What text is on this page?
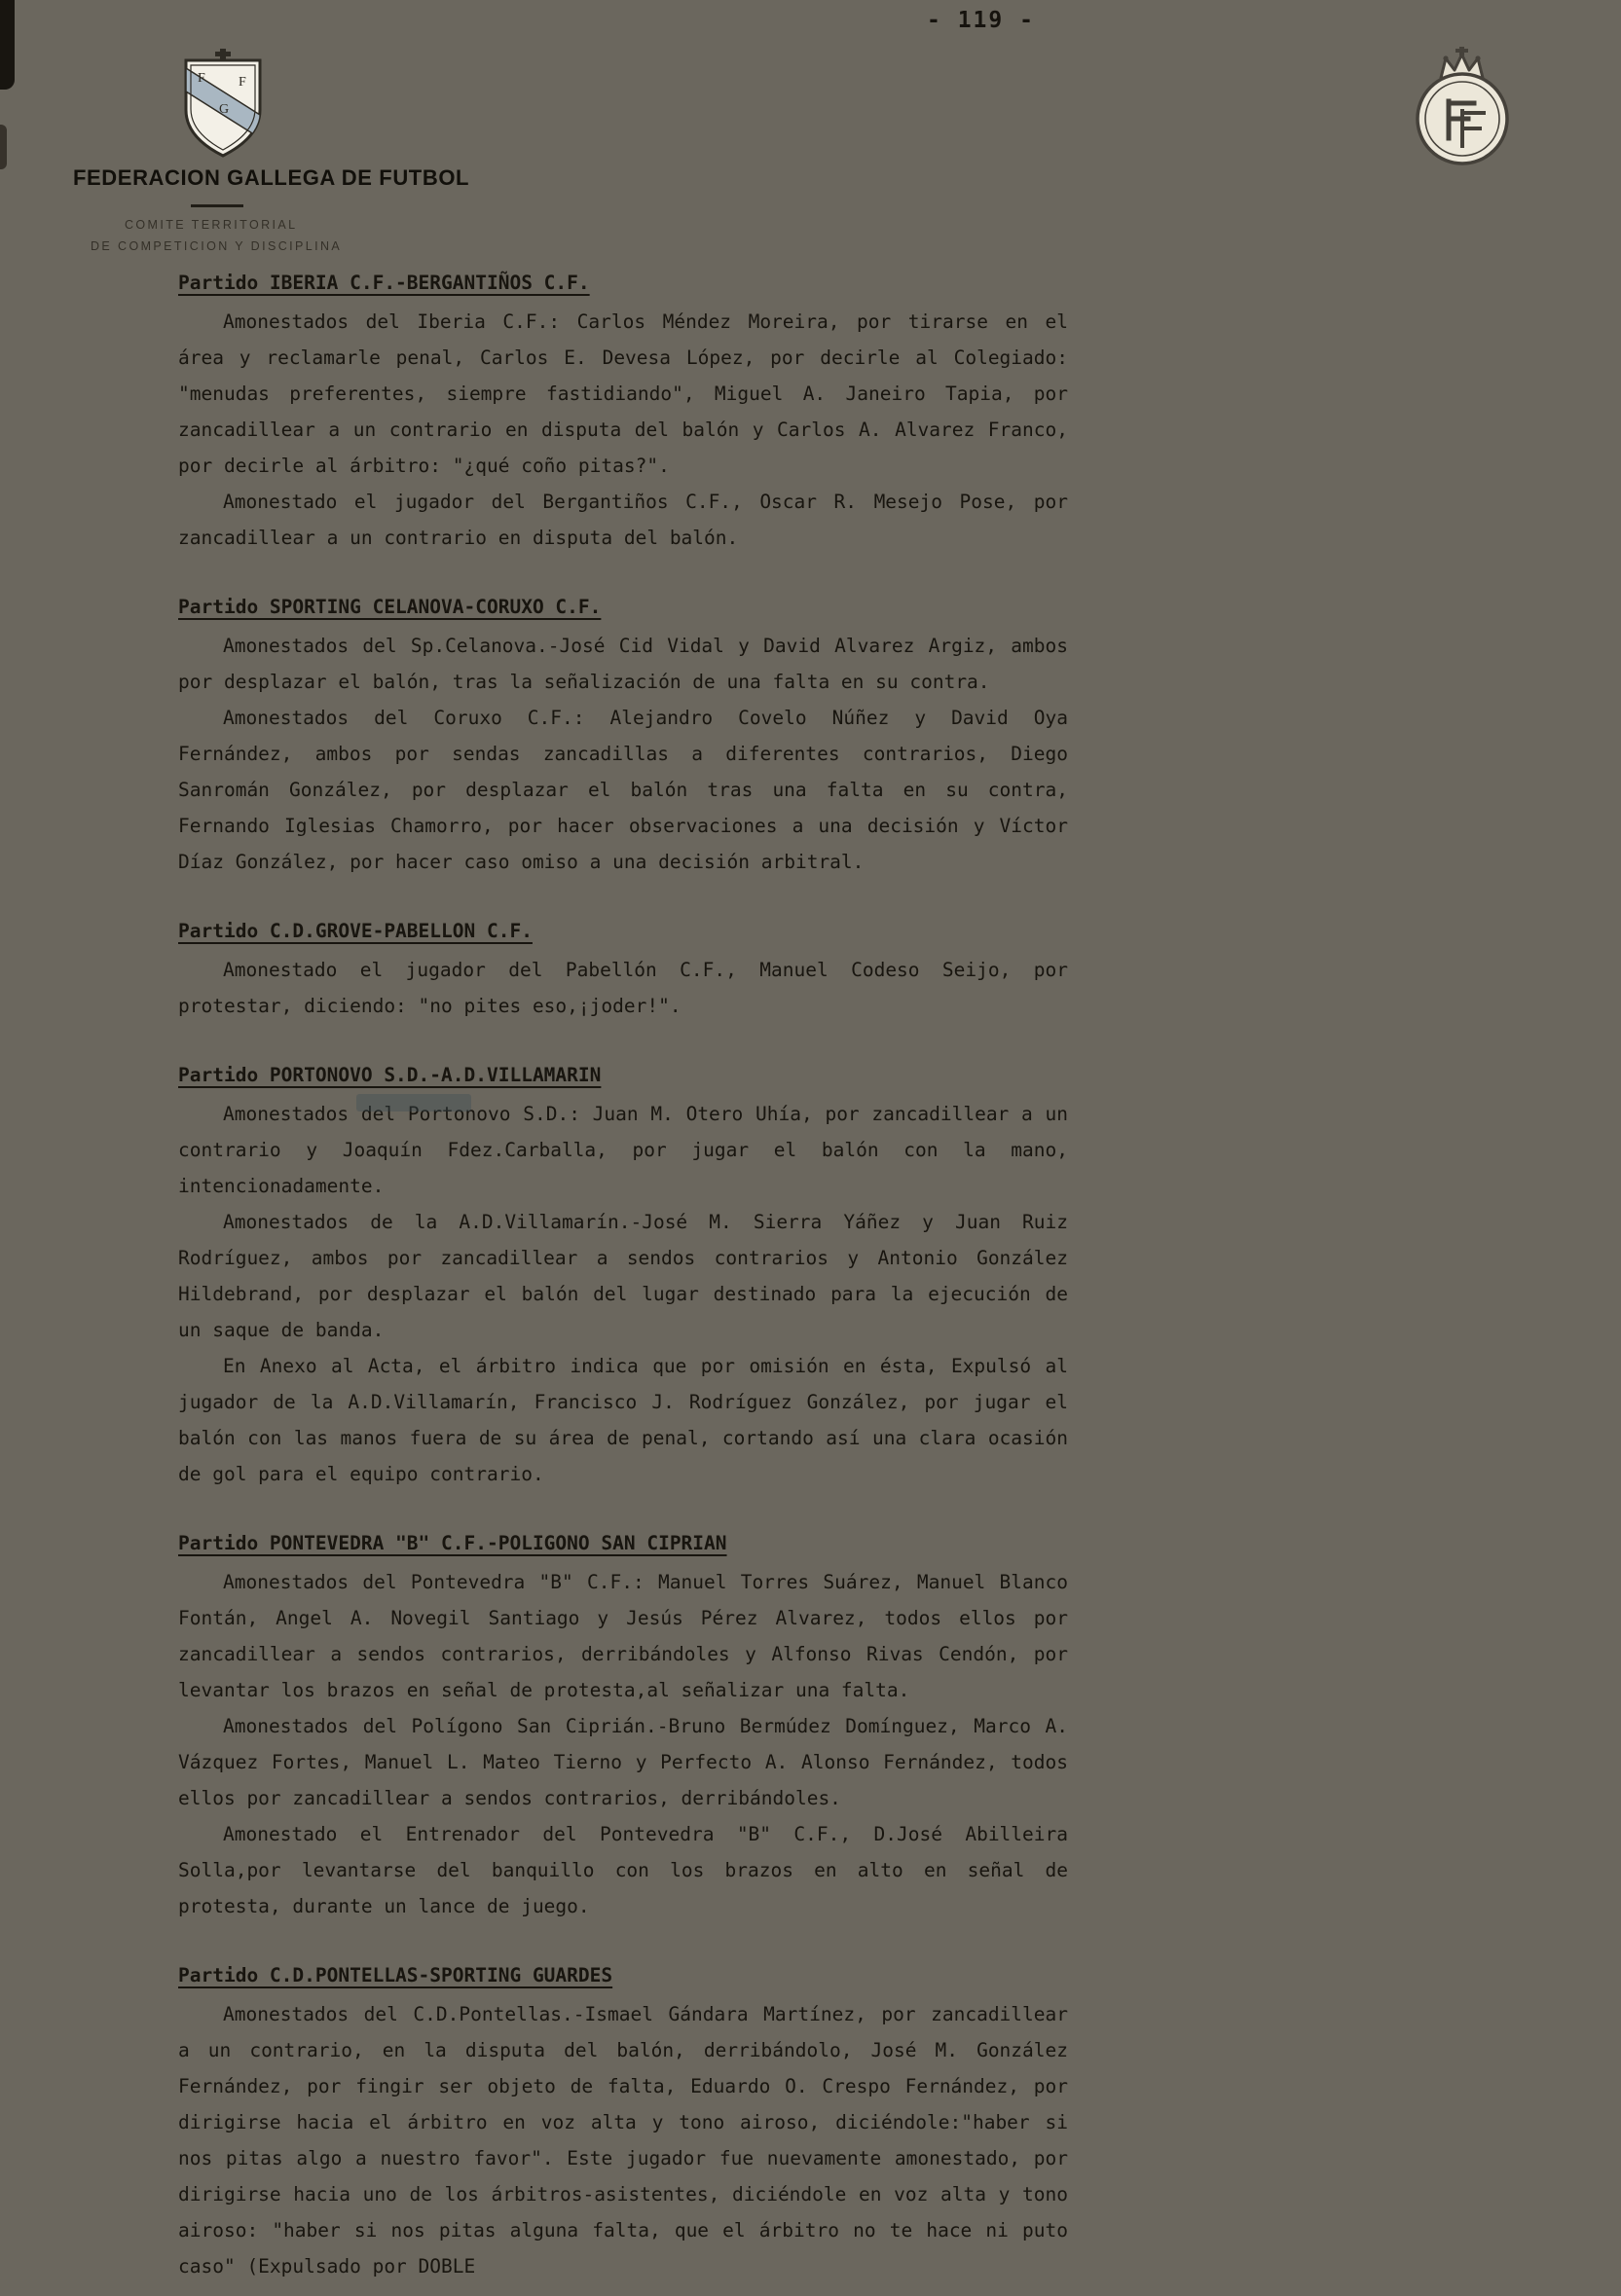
- 119 -
F
G
F
FEDERACION GALLEGA DE FUTBOL
COMITE TERRITORIAL
DE COMPETICION Y DISCIPLINA
Partido IBERIA C.F.-BERGANTIÑOS C.F.

Amonestados del Iberia C.F.: Carlos Méndez Moreira, por tirarse en el área y reclamarle penal, Carlos E. Devesa López, por decirle al Colegiado: "menudas preferentes, siempre fastidiando", Miguel A. Janeiro Tapia, por zancadillear a un contrario en disputa del balón y Carlos A. Alvarez Franco, por decirle al árbitro: "¿qué coño pitas?".

Amonestado el jugador del Bergantiños C.F., Oscar R. Mesejo Pose, por zancadillear a un contrario en disputa del balón.

Partido SPORTING CELANOVA-CORUXO C.F.

Amonestados del Sp.Celanova.-José Cid Vidal y David Alvarez Argiz, ambos por desplazar el balón, tras la señalización de una falta en su contra.

Amonestados del Coruxo C.F.: Alejandro Covelo Núñez y David Oya Fernández, ambos por sendas zancadillas a diferentes contrarios, Diego Sanromán González, por desplazar el balón tras una falta en su contra, Fernando Iglesias Chamorro, por hacer observaciones a una decisión y Víctor Díaz González, por hacer caso omiso a una decisión arbitral.

Partido C.D.GROVE-PABELLON C.F.

Amonestado el jugador del Pabellón C.F., Manuel Codeso Seijo, por protestar, diciendo: "no pites eso,¡joder!".

Partido PORTONOVO S.D.-A.D.VILLAMARIN

Amonestados del Portonovo S.D.: Juan M. Otero Uhía, por zancadillear a un contrario y Joaquín Fdez.Carballa, por jugar el balón con la mano, intencionadamente.

Amonestados de la A.D.Villamarín.-José M. Sierra Yáñez y Juan Ruiz Rodríguez, ambos por zancadillear a sendos contrarios y Antonio González Hildebrand, por desplazar el balón del lugar destinado para la ejecución de un saque de banda.

En Anexo al Acta, el árbitro indica que por omisión en ésta, Expulsó al jugador de la A.D.Villamarín, Francisco J. Rodríguez González, por jugar el balón con las manos fuera de su área de penal, cortando así una clara ocasión de gol para el equipo contrario.

Partido PONTEVEDRA "B" C.F.-POLIGONO SAN CIPRIAN

Amonestados del Pontevedra "B" C.F.: Manuel Torres Suárez, Manuel Blanco Fontán, Angel A. Novegil Santiago y Jesús Pérez Alvarez, todos ellos por zancadillear a sendos contrarios, derribándoles y Alfonso Rivas Cendón, por levantar los brazos en señal de protesta,al señalizar una falta.

Amonestados del Polígono San Ciprián.-Bruno Bermúdez Domínguez, Marco A. Vázquez Fortes, Manuel L. Mateo Tierno y Perfecto A. Alonso Fernández, todos ellos por zancadillear a sendos contrarios, derribándoles.

Amonestado el Entrenador del Pontevedra "B" C.F., D.José Abilleira Solla,por levantarse del banquillo con los brazos en alto en señal de protesta, durante un lance de juego.

Partido C.D.PONTELLAS-SPORTING GUARDES

Amonestados del C.D.Pontellas.-Ismael Gándara Martínez, por zancadillear a un contrario, en la disputa del balón, derribándolo, José M. González Fernández, por fingir ser objeto de falta, Eduardo O. Crespo Fernández, por dirigirse hacia el árbitro en voz alta y tono airoso, diciéndole:"haber si nos pitas algo a nuestro favor". Este jugador fue nuevamente amonestado, por dirigirse hacia uno de los árbitros-asistentes, diciéndole en voz alta y tono airoso: "haber si nos pitas alguna falta, que el árbitro no te hace ni puto caso" (Expulsado por DOBLE
